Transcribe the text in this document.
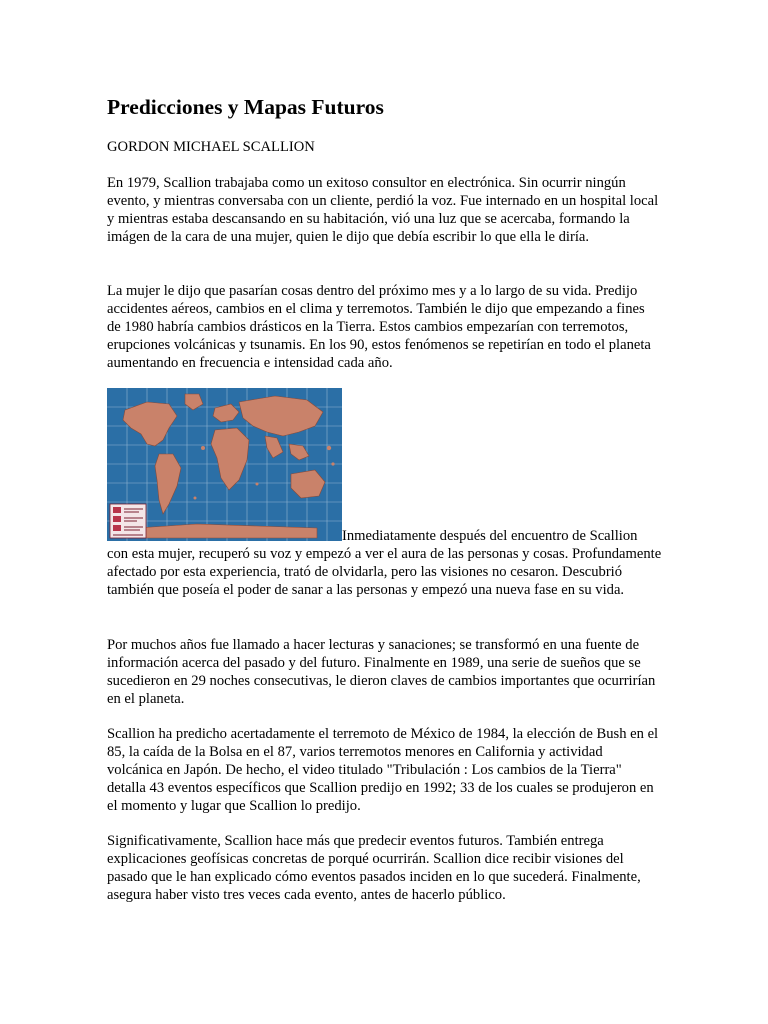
Predicciones y Mapas Futuros

GORDON MICHAEL SCALLION

En 1979, Scallion trabajaba como un exitoso consultor en electrónica. Sin ocurrir ningún evento, y mientras conversaba con un cliente, perdió la voz. Fue internado en un hospital local y mientras estaba descansando en su habitación, vió una luz que se acercaba, formando la imágen de la cara de una mujer, quien le dijo que debía escribir lo que ella le diría.

La mujer le dijo que pasarían cosas dentro del próximo mes y a lo largo de su vida. Predijo accidentes aéreos, cambios en el clima y terremotos. También le dijo que empezando a fines de 1980 habría cambios drásticos en la Tierra. Estos cambios empezarían con terremotos, erupciones volcánicas y tsunamis. En los 90, estos fenómenos se repetirían en todo el planeta aumentando en frecuencia e intensidad cada año.

Inmediatamente después del encuentro de Scallion

con esta mujer, recuperó su voz y empezó a ver el aura de las personas y cosas. Profundamente afectado por esta experiencia, trató de olvidarla, pero las visiones no cesaron. Descubrió también que poseía el poder de sanar a las personas y empezó una nueva fase en su vida.

Por muchos años fue llamado a hacer lecturas y sanaciones; se transformó en una fuente de información acerca del pasado y del futuro. Finalmente en 1989, una serie de sueños que se sucedieron en 29 noches consecutivas, le dieron claves de cambios importantes que ocurrirían en el planeta.

Scallion ha predicho acertadamente el terremoto de México de 1984, la elección de Bush en el 85, la caída de la Bolsa en el 87, varios terremotos menores en California y actividad volcánica en Japón. De hecho, el video titulado "Tribulación : Los cambios de la Tierra" detalla 43 eventos específicos que Scallion predijo en 1992; 33 de los cuales se produjeron en el momento y lugar que Scallion lo predijo.

Significativamente, Scallion hace más que predecir eventos futuros. También entrega explicaciones geofísicas concretas de porqué ocurrirán. Scallion dice recibir visiones del pasado que le han explicado cómo eventos pasados inciden en lo que sucederá. Finalmente, asegura haber visto tres veces cada evento, antes de hacerlo público.
